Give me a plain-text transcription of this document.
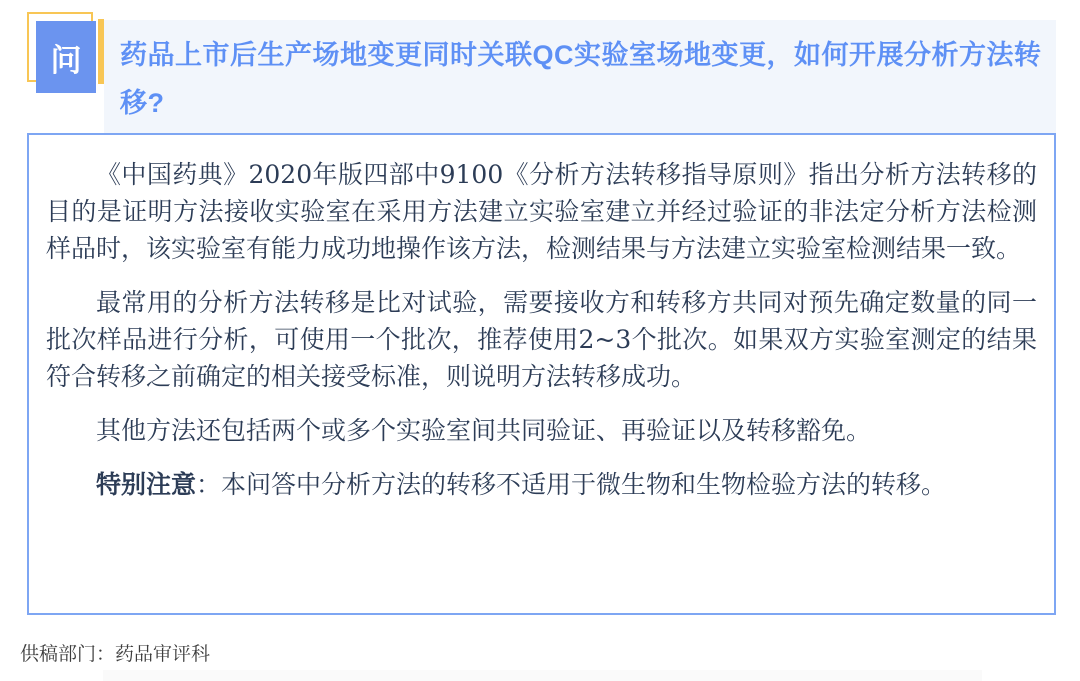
问 药品上市后生产场地变更同时关联QC实验室场地变更，如何开展分析方法转移?

《中国药典》2020年版四部中9100《分析方法转移指导原则》指出分析方法转移的目的是证明方法接收实验室在采用方法建立实验室建立并经过验证的非法定分析方法检测样品时，该实验室有能力成功地操作该方法，检测结果与方法建立实验室检测结果一致。

最常用的分析方法转移是比对试验，需要接收方和转移方共同对预先确定数量的同一批次样品进行分析，可使用一个批次，推荐使用2~3个批次。如果双方实验室测定的结果符合转移之前确定的相关接受标准，则说明方法转移成功。

其他方法还包括两个或多个实验室间共同验证、再验证以及转移豁免。

特别注意：本问答中分析方法的转移不适用于微生物和生物检验方法的转移。

供稿部门：药品审评科
